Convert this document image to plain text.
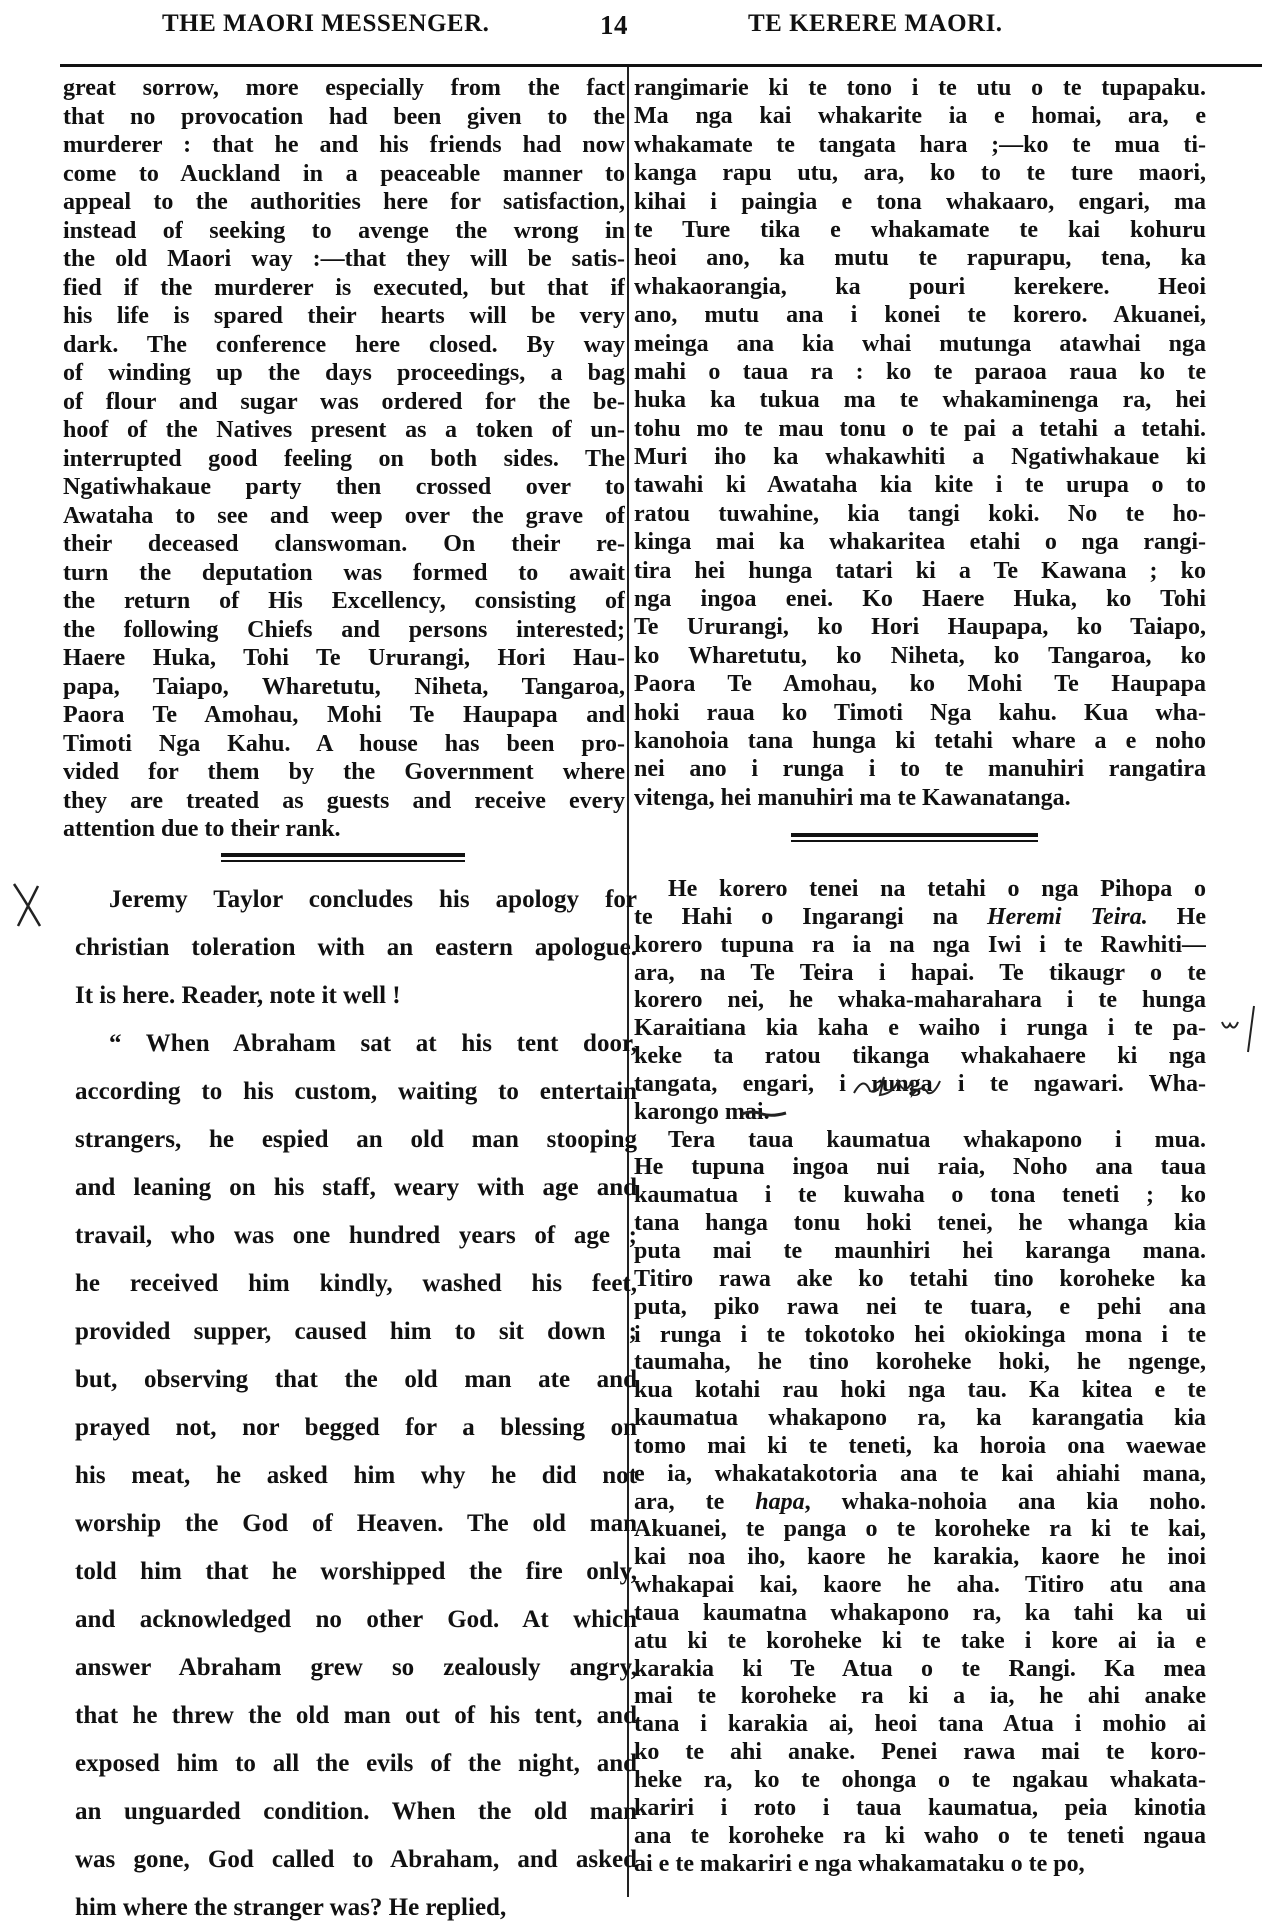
THE MAORI MESSENGER.	14	TE KERERE MAORI.
great sorrow, more especially from the fact
that no provocation had been given to the
murderer : that he and his friends had now
come to Auckland in a peaceable manner to
appeal to the authorities here for satisfaction,
instead of seeking to avenge the wrong in
the old Maori way :—that they will be satis-
fied if the murderer is executed, but that if
his life is spared their hearts will be very
dark. The conference here closed. By way
of winding up the days proceedings, a bag
of flour and sugar was ordered for the be-
hoof of the Natives present as a token of un-
interrupted good feeling on both sides. The
Ngatiwhakaue party then crossed over to
Awataha to see and weep over the grave of
their deceased clanswoman. On their re-
turn the deputation was formed to await
the return of His Excellency, consisting of
the following Chiefs and persons interested;
Haere Huka, Tohi Te Ururangi, Hori Hau-
papa, Taiapo, Wharetutu, Niheta, Tangaroa,
Paora Te Amohau, Mohi Te Haupapa and
Timoti Nga Kahu. A house has been pro-
vided for them by the Government where
they are treated as guests and receive every
attention due to their rank.
rangimarie ki te tono i te utu o te tupapaku.
Ma nga kai whakarite ia e homai, ara, e
whakamate te tangata hara ;—ko te mua ti-
kanga rapu utu, ara, ko to te ture maori,
kihai i paingia e tona whakaaro, engari, ma
te Ture tika e whakamate te kai kohuru
heoi ano, ka mutu te rapurapu, tena, ka
whakaorangia, ka pouri kerekere. Heoi
ano, mutu ana i konei te korero. Akuanei,
meinga ana kia whai mutunga atawhai nga
mahi o taua ra : ko te paraoa raua ko te
huka ka tukua ma te whakaminenga ra, hei
tohu mo te mau tonu o te pai a tetahi a tetahi.
Muri iho ka whakawhiti a Ngatiwhakaue ki
tawahi ki Awataha kia kite i te urupa o to
ratou tuwahine, kia tangi koki. No te ho-
kinga mai ka whakaritea etahi o nga rangi-
tira hei hunga tatari ki a Te Kawana ; ko
nga ingoa enei. Ko Haere Huka, ko Tohi
Te Ururangi, ko Hori Haupapa, ko Taiapo,
ko Wharetutu, ko Niheta, ko Tangaroa, ko
Paora Te Amohau, ko Mohi Te Haupapa
hoki raua ko Timoti Nga kahu. Kua wha-
kanohoia tana hunga ki tetahi whare a e noho
nei ano i runga i to te manuhiri rangatira
vitenga, hei manuhiri ma te Kawanatanga.
Jeremy Taylor concludes his apology for
christian toleration with an eastern apologue.
It is here. Reader, note it well !
“ When Abraham sat at his tent door,
according to his custom, waiting to entertain
strangers, he espied an old man stooping
and leaning on his staff, weary with age and
travail, who was one hundred years of age ;
he received him kindly, washed his feet,
provided supper, caused him to sit down ;
but, observing that the old man ate and
prayed not, nor begged for a blessing on
his meat, he asked him why he did not
worship the God of Heaven. The old man
told him that he worshipped the fire only,
and acknowledged no other God. At which
answer Abraham grew so zealously angry,
that he threw the old man out of his tent, and
exposed him to all the evils of the night, and
an unguarded condition. When the old man
was gone, God called to Abraham, and asked
him where the stranger was? He replied,
He korero tenei na tetahi o nga Pihopa o
te Hahi o Ingarangi na Heremi Teira. He
korero tupuna ra ia na nga Iwi i te Rawhiti—
ara, na Te Teira i hapai. Te tikaugr o te
korero nei, he whaka-maharahara i te hunga
Karaitiana kia kaha e waiho i runga i te pa-
keke ta ratou tikanga whakahaere ki nga
tangata, engari, i runga i te ngawari. Wha-
karongo mai.
Tera taua kaumatua whakapono i mua.
He tupuna ingoa nui raia, Noho ana taua
kaumatua i te kuwaha o tona teneti ; ko
tana hanga tonu hoki tenei, he whanga kia
puta mai te maunhiri hei karanga mana.
Titiro rawa ake ko tetahi tino koroheke ka
puta, piko rawa nei te tuara, e pehi ana
i runga i te tokotoko hei okiokinga mona i te
taumaha, he tino koroheke hoki, he ngenge,
kua kotahi rau hoki nga tau. Ka kitea e te
kaumatua whakapono ra, ka karangatia kia
tomo mai ki te teneti, ka horoia ona waewae
e ia, whakatakotoria ana te kai ahiahi mana,
ara, te hapa, whaka-nohoia ana kia noho.
Akuanei, te panga o te koroheke ra ki te kai,
kai noa iho, kaore he karakia, kaore he inoi
whakapai kai, kaore he aha. Titiro atu ana
taua kaumatna whakapono ra, ka tahi ka ui
atu ki te koroheke ki te take i kore ai ia e
karakia ki Te Atua o te Rangi. Ka mea
mai te koroheke ra ki a ia, he ahi anake
tana i karakia ai, heoi tana Atua i mohio ai
ko te ahi anake. Penei rawa mai te koro-
heke ra, ko te ohonga o te ngakau whakata-
kariri i roto i taua kaumatua, peia kinotia
ana te koroheke ra ki waho o te teneti ngaua
ai e te makariri e nga whakamataku o te po,
